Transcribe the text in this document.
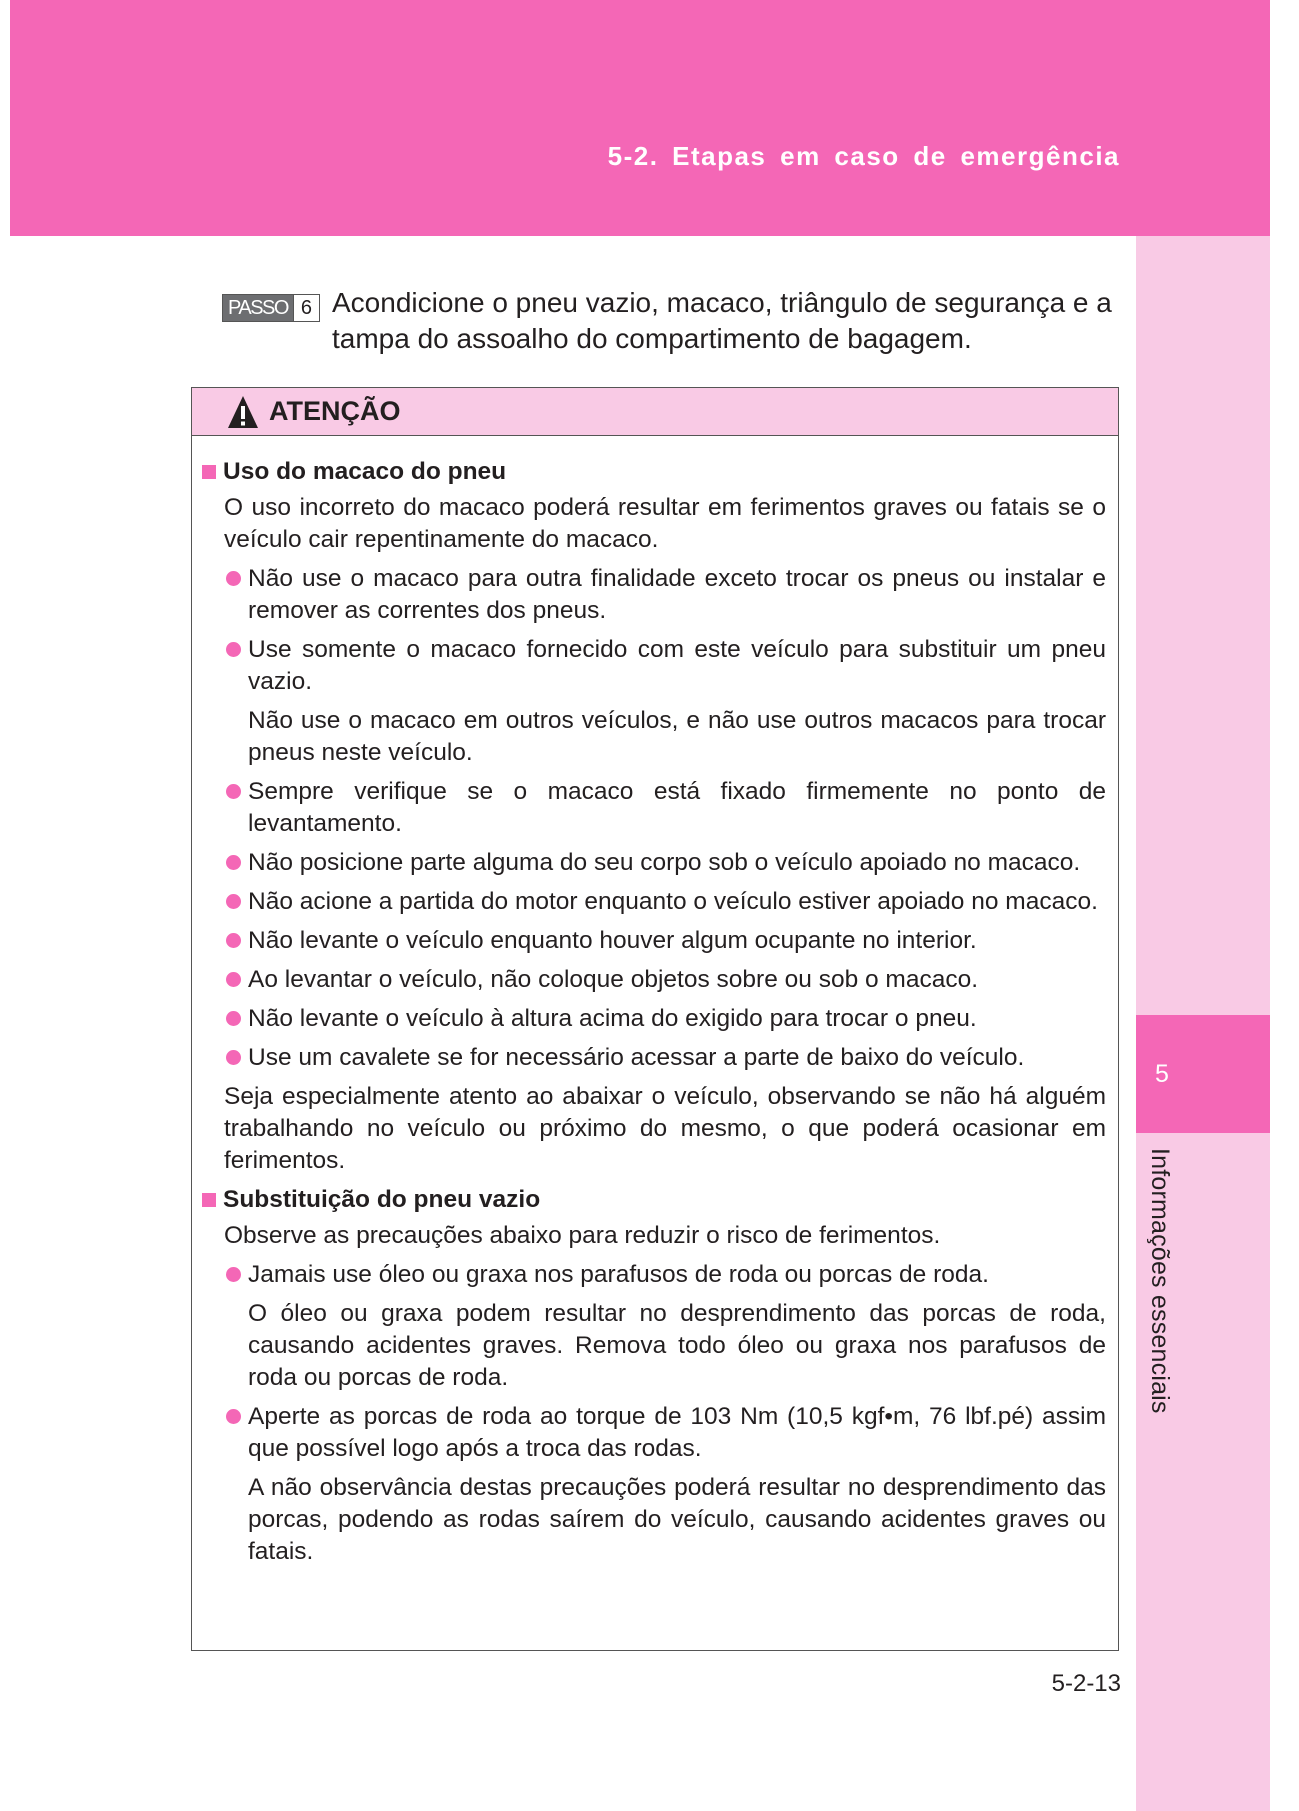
5-2. Etapas em caso de emergência
5
Informações essenciais
PASSO 6 Acondicione o pneu vazio, macaco, triângulo de segurança e a tampa do assoalho do compartimento de bagagem.

ATENÇÃO
Uso do macaco do pneu

O uso incorreto do macaco poderá resultar em ferimentos graves ou fatais se o veículo cair repentinamente do macaco.

Não use o macaco para outra finalidade exceto trocar os pneus ou instalar e remover as correntes dos pneus.
Use somente o macaco fornecido com este veículo para substituir um pneu vazio.

Não use o macaco em outros veículos, e não use outros macacos para trocar pneus neste veículo.

Sempre verifique se o macaco está fixado firmemente no ponto de levantamento.
Não posicione parte alguma do seu corpo sob o veículo apoiado no macaco.
Não acione a partida do motor enquanto o veículo estiver apoiado no macaco.
Não levante o veículo enquanto houver algum ocupante no interior.
Ao levantar o veículo, não coloque objetos sobre ou sob o macaco.
Não levante o veículo à altura acima do exigido para trocar o pneu.
Use um cavalete se for necessário acessar a parte de baixo do veículo.

Seja especialmente atento ao abaixar o veículo, observando se não há alguém trabalhando no veículo ou próximo do mesmo, o que poderá ocasionar em ferimentos.

Substituição do pneu vazio

Observe as precauções abaixo para reduzir o risco de ferimentos.

Jamais use óleo ou graxa nos parafusos de roda ou porcas de roda.

O óleo ou graxa podem resultar no desprendimento das porcas de roda, causando acidentes graves. Remova todo óleo ou graxa nos parafusos de roda ou porcas de roda.

Aperte as porcas de roda ao torque de 103 Nm (10,5 kgf•m, 76 lbf.pé) assim que possível logo após a troca das rodas.

A não observância destas precauções poderá resultar no desprendimento das porcas, podendo as rodas saírem do veículo, causando acidentes graves ou fatais.

5-2-13
